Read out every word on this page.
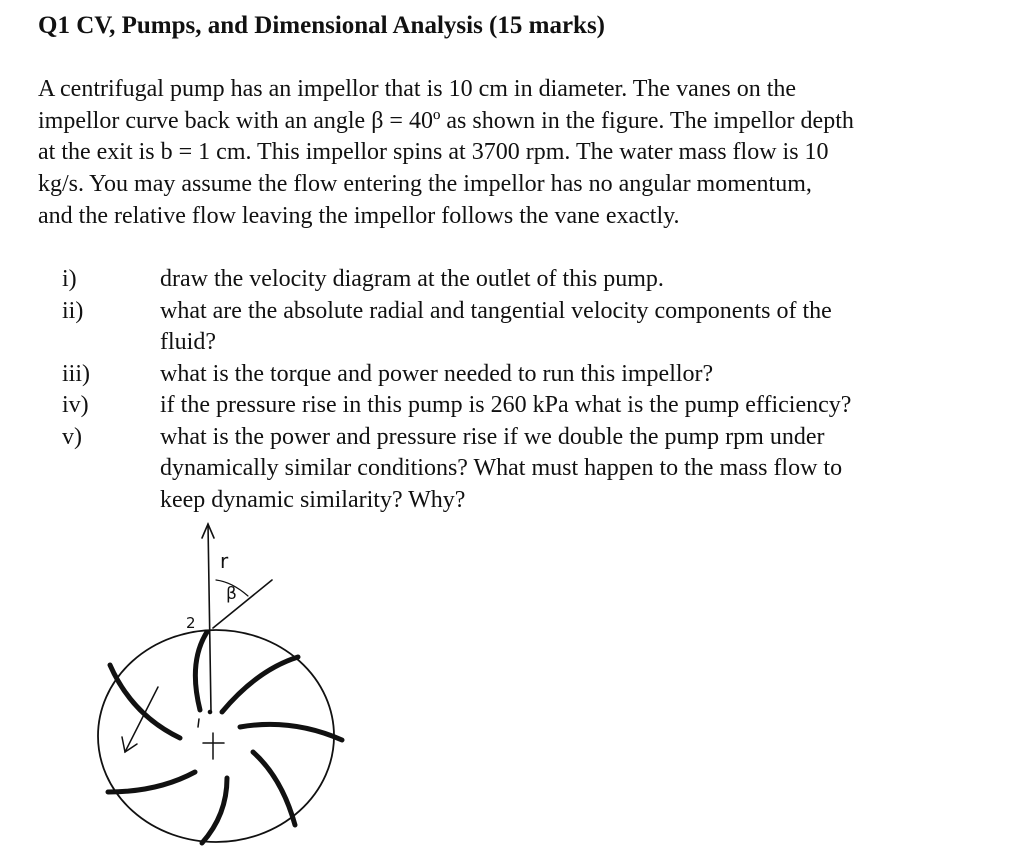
Q1 CV, Pumps, and Dimensional Analysis (15 marks)
A centrifugal pump has an impellor that is 10 cm in diameter. The vanes on the
impellor curve back with an angle β = 40º as shown in the figure. The impellor depth
at the exit is b = 1 cm. This impellor spins at 3700 rpm. The water mass flow is 10
kg/s. You may assume the flow entering the impellor has no angular momentum,
and the relative flow leaving the impellor follows the vane exactly.
i)	draw the velocity diagram at the outlet of this pump.
ii)	what are the absolute radial and tangential velocity components of the
fluid?
iii)	what is the torque and power needed to run this impellor?
iv)	if the pressure rise in this pump is 260 kPa what is the pump efficiency?
v)	what is the power and pressure rise if we double the pump rpm under
dynamically similar conditions? What must happen to the mass flow to
keep dynamic similarity? Why?
r
β
2
